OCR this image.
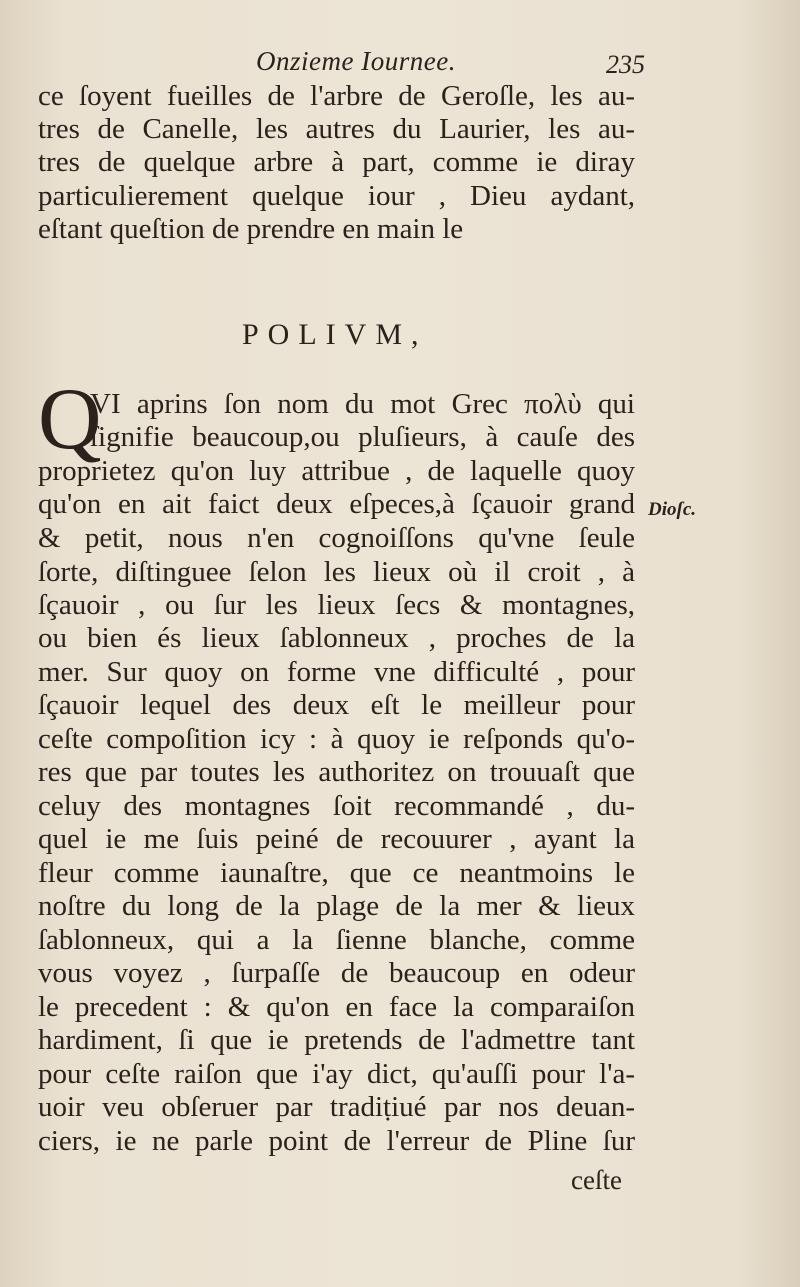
Onzieme Iournee.	235
ce ſoyent fueilles de l'arbre de Geroſle, les au-
tres de Canelle, les autres du Laurier, les au-
tres de quelque arbre à part, comme ie diray
particulierement quelque iour , Dieu aydant,
eſtant queſtion de prendre en main le
POLIVM,
Q
VI aprins ſon nom du mot Grec πολὺ qui
ſignifie beaucoup,ou pluſieurs, à cauſe des
proprietez qu'on luy attribue , de laquelle quoy
qu'on en ait faict deux eſpeces,à ſçauoir grand
& petit, nous n'en cognoiſſons qu'vne ſeule
ſorte, diſtinguee ſelon les lieux où il croit , à
ſçauoir , ou ſur les lieux ſecs & montagnes,
ou bien és lieux ſablonneux , proches de la
mer. Sur quoy on forme vne difficulté , pour
ſçauoir lequel des deux eſt le meilleur pour
ceſte compoſition icy : à quoy ie reſponds qu'o-
res que par toutes les authoritez on trouuaſt que
celuy des montagnes ſoit recommandé , du-
quel ie me ſuis peiné de recouurer , ayant la
fleur comme iaunaſtre, que ce neantmoins le
noſtre du long de la plage de la mer & lieux
ſablonneux, qui a la ſienne blanche, comme
vous voyez , ſurpaſſe de beaucoup en odeur
le precedent : & qu'on en face la comparaiſon
hardiment, ſi que ie pretends de l'admettre tant
pour ceſte raiſon que i'ay dict, qu'auſſi pour l'a-
uoir veu obſeruer par tradiṭiué par nos deuan-
ciers, ie ne parle point de l'erreur de Pline ſur
Dioſc.
ceſte
